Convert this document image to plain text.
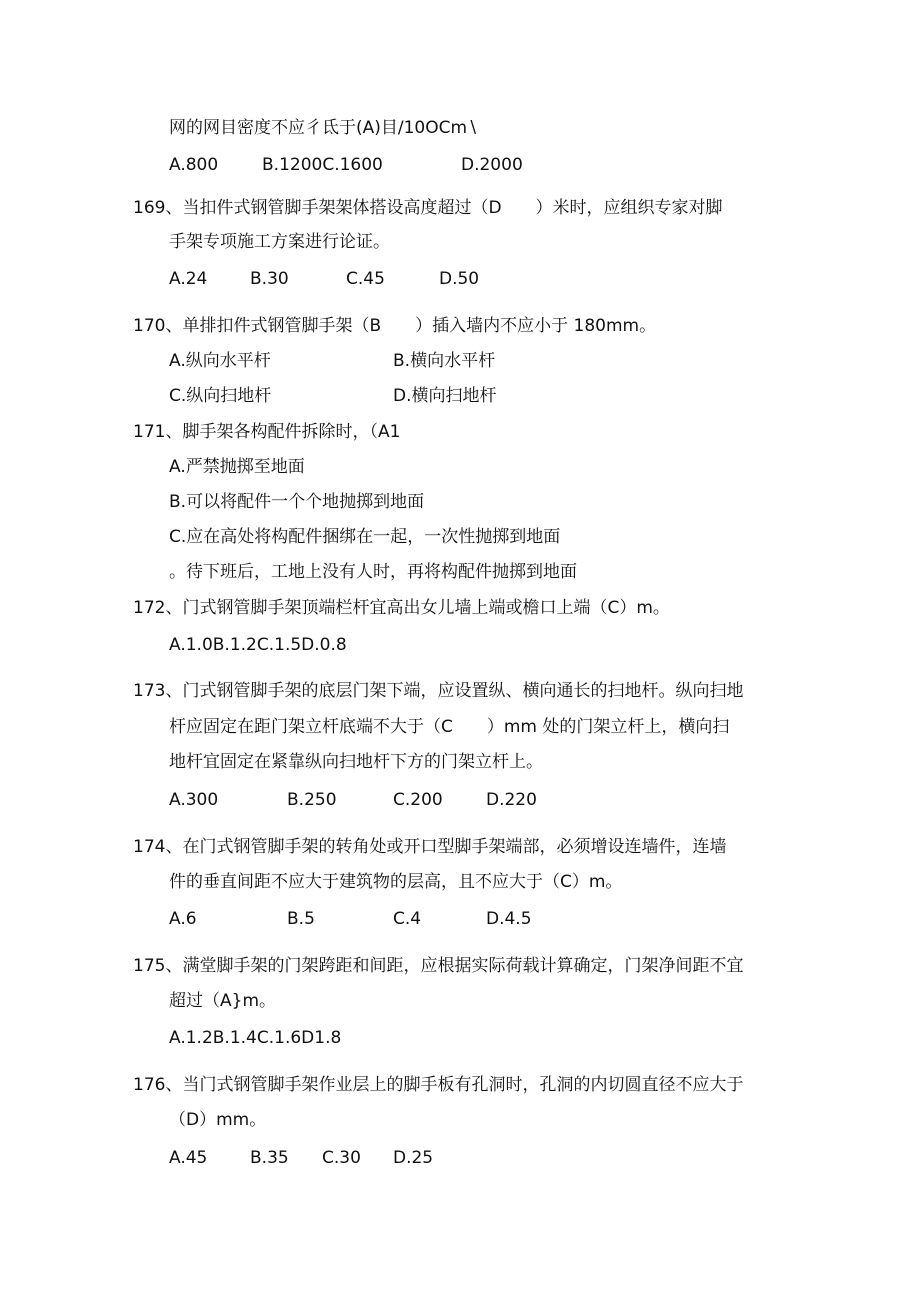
网的网目密度不应彳氐于(A)目/10OCm∖
A.800	B.1200C.1600	D.2000
169、当扣件式钢管脚手架架体搭设高度超过（D　　）米时，应组织专家对脚
手架专项施工方案进行论证。
A.24	B.30	C.45	D.50
170、单排扣件式钢管脚手架（B　　）插入墙内不应小于 180mm。
A.纵向水平杆	B.横向水平杆
C.纵向扫地杆	D.横向扫地杆
171、脚手架各构配件拆除时，（A1
A.严禁抛掷至地面
B.可以将配件一个个地抛掷到地面
C.应在高处将构配件捆绑在一起，一次性抛掷到地面
。待下班后，工地上没有人时，再将构配件抛掷到地面
172、门式钢管脚手架顶端栏杆宜高出女儿墙上端或檐口上端（C）m。
A.1.0B.1.2C.1.5D.0.8
173、门式钢管脚手架的底层门架下端，应设置纵、横向通长的扫地杆。纵向扫地
杆应固定在距门架立杆底端不大于（C　　）mm 处的门架立杆上，横向扫
地杆宜固定在紧靠纵向扫地杆下方的门架立杆上。
A.300	B.250	C.200	D.220
174、在门式钢管脚手架的转角处或开口型脚手架端部，必须增设连墙件，连墙
件的垂直间距不应大于建筑物的层高，且不应大于（C）m。
A.6	B.5	C.4	D.4.5
175、满堂脚手架的门架跨距和间距，应根据实际荷载计算确定，门架净间距不宜
超过（A}m。
A.1.2B.1.4C.1.6D1.8
176、当门式钢管脚手架作业层上的脚手板有孔洞时，孔洞的内切圆直径不应大于
（D）mm。
A.45	B.35 C.30 D.25
